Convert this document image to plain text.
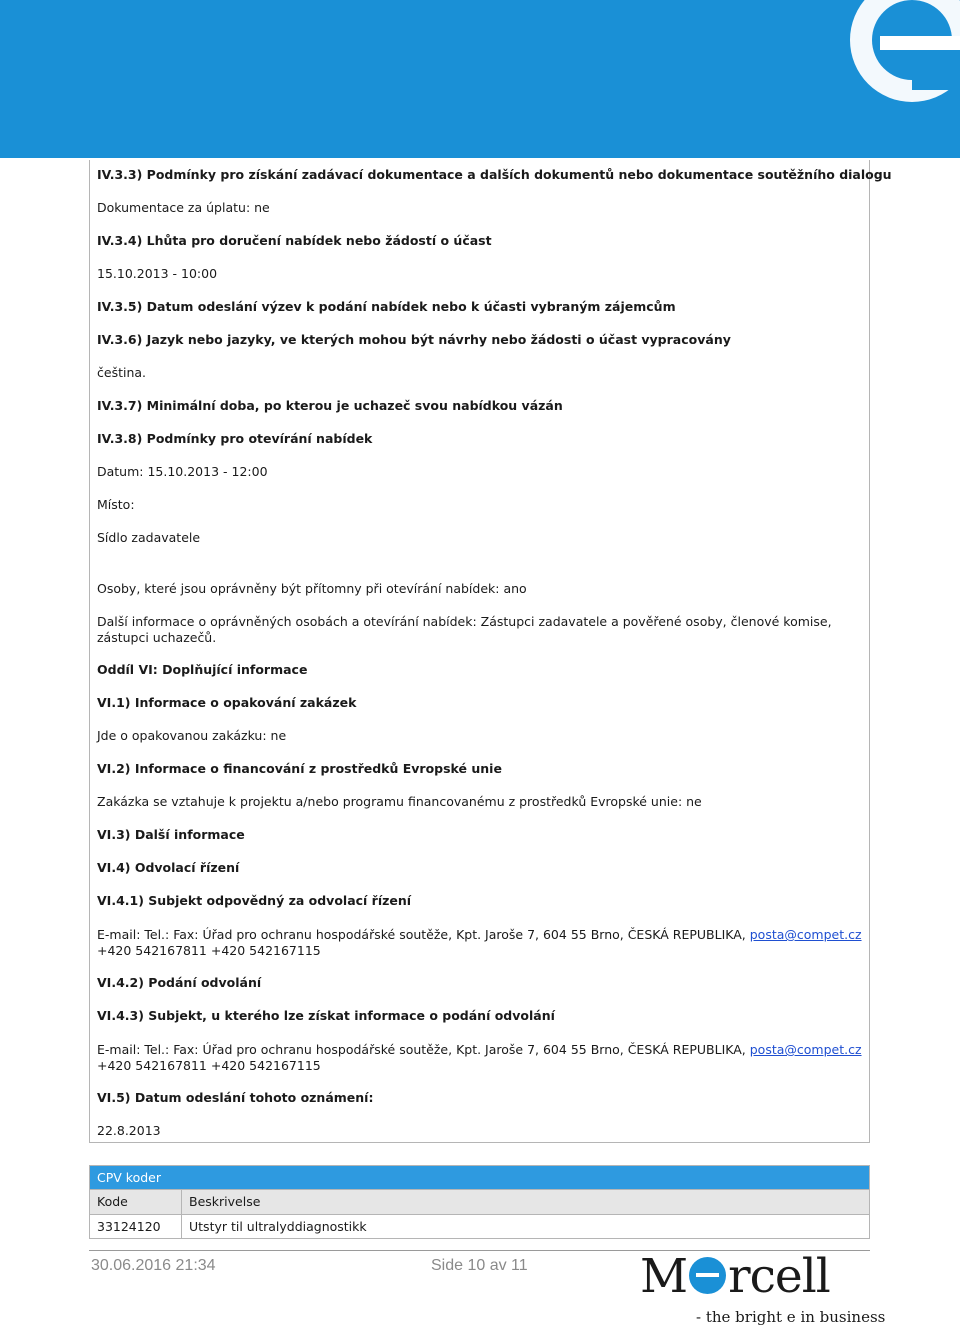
IV.3.3) Podmínky pro získání zadávací dokumentace a dalších dokumentů nebo dokumentace soutěžního dialogu
Dokumentace za úplatu: ne
IV.3.4) Lhůta pro doručení nabídek nebo žádostí o účast
15.10.2013 - 10:00
IV.3.5) Datum odeslání výzev k podání nabídek nebo k účasti vybraným zájemcům
IV.3.6) Jazyk nebo jazyky, ve kterých mohou být návrhy nebo žádosti o účast vypracovány
čeština.
IV.3.7) Minimální doba, po kterou je uchazeč svou nabídkou vázán
IV.3.8) Podmínky pro otevírání nabídek
Datum: 15.10.2013 - 12:00
Místo:
Sídlo zadavatele
Osoby, které jsou oprávněny být přítomny při otevírání nabídek: ano
Další informace o oprávněných osobách a otevírání nabídek: Zástupci zadavatele a pověřené osoby, členové komise, zástupci uchazečů.
Oddíl VI: Doplňující informace
VI.1) Informace o opakování zakázek
Jde o opakovanou zakázku: ne
VI.2) Informace o financování z prostředků Evropské unie
Zakázka se vztahuje k projektu a/nebo programu financovanému z prostředků Evropské unie: ne
VI.3) Další informace
VI.4) Odvolací řízení
VI.4.1) Subjekt odpovědný za odvolací řízení
E-mail: Tel.: Fax: Úřad pro ochranu hospodářské soutěže, Kpt. Jaroše 7, 604 55 Brno, ČESKÁ REPUBLIKA, posta@compet.cz +420 542167811 +420 542167115
VI.4.2) Podání odvolání
VI.4.3) Subjekt, u kterého lze získat informace o podání odvolání
E-mail: Tel.: Fax: Úřad pro ochranu hospodářské soutěže, Kpt. Jaroše 7, 604 55 Brno, ČESKÁ REPUBLIKA, posta@compet.cz +420 542167811 +420 542167115
VI.5) Datum odeslání tohoto oznámení:
22.8.2013
CPV koder	
Kode	Beskrivelse
33124120	Utstyr til ultralyddiagnostikk
30.06.2016 21:34	Side 10 av 11 M rcell
- the bright e in business
